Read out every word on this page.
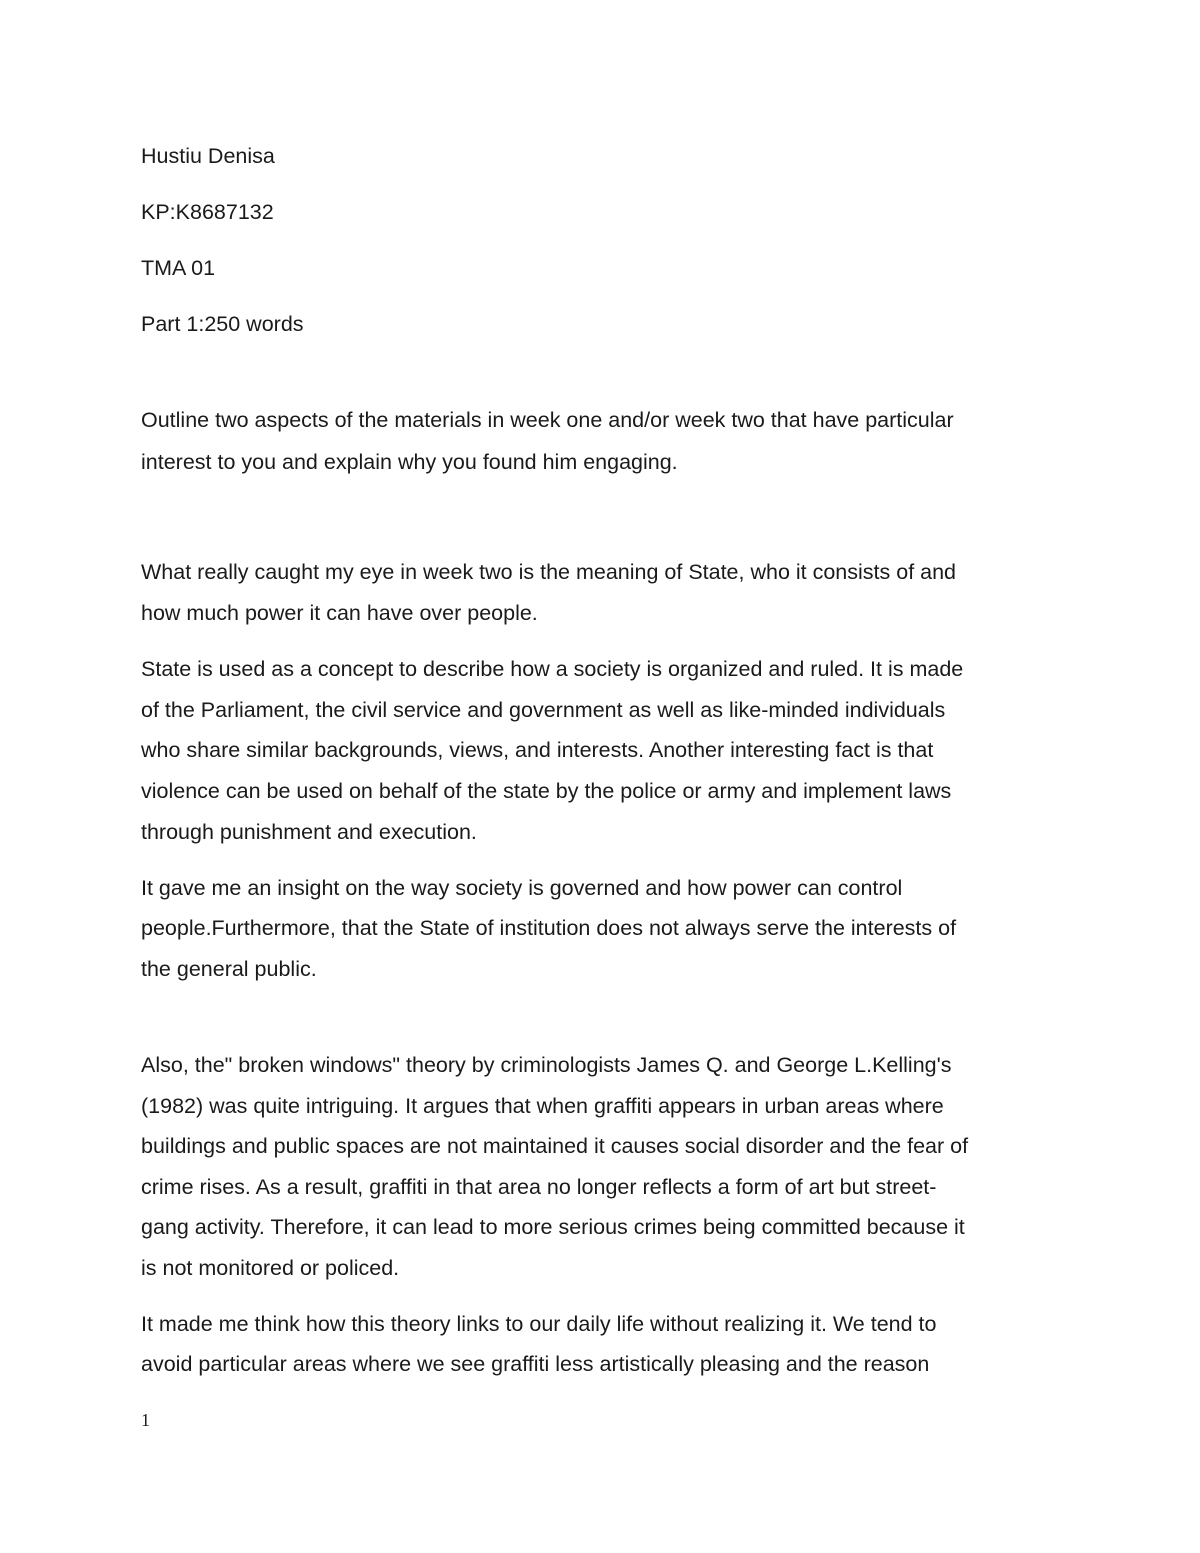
Hustiu Denisa
KP:K8687132
TMA 01
Part 1:250 words
Outline two aspects of the materials in week one and/or week two that have particular
interest to you and explain why you found him engaging.
What really caught my eye in week two is the meaning of State, who it consists of and
how much power it can have over people.
State is used as a concept to describe how a society is organized and ruled. It is made
of the Parliament, the civil service and government as well as like-minded individuals
who share similar backgrounds, views, and interests. Another interesting fact is that
violence can be used on behalf of the state by the police or army and implement laws
through punishment and execution.
It gave me an insight on the way society is governed and how power can control
people.Furthermore, that the State of institution does not always serve the interests of
the general public.
Also, the" broken windows" theory by criminologists James Q. and George L.Kelling's
(1982) was quite intriguing. It argues that when graffiti appears in urban areas where
buildings and public spaces are not maintained it causes social disorder and the fear of
crime rises. As a result, graffiti in that area no longer reflects a form of art but street-
gang activity. Therefore, it can lead to more serious crimes being committed because it
is not monitored or policed.
It made me think how this theory links to our daily life without realizing it. We tend to
avoid particular areas where we see graffiti less artistically pleasing and the reason
1
